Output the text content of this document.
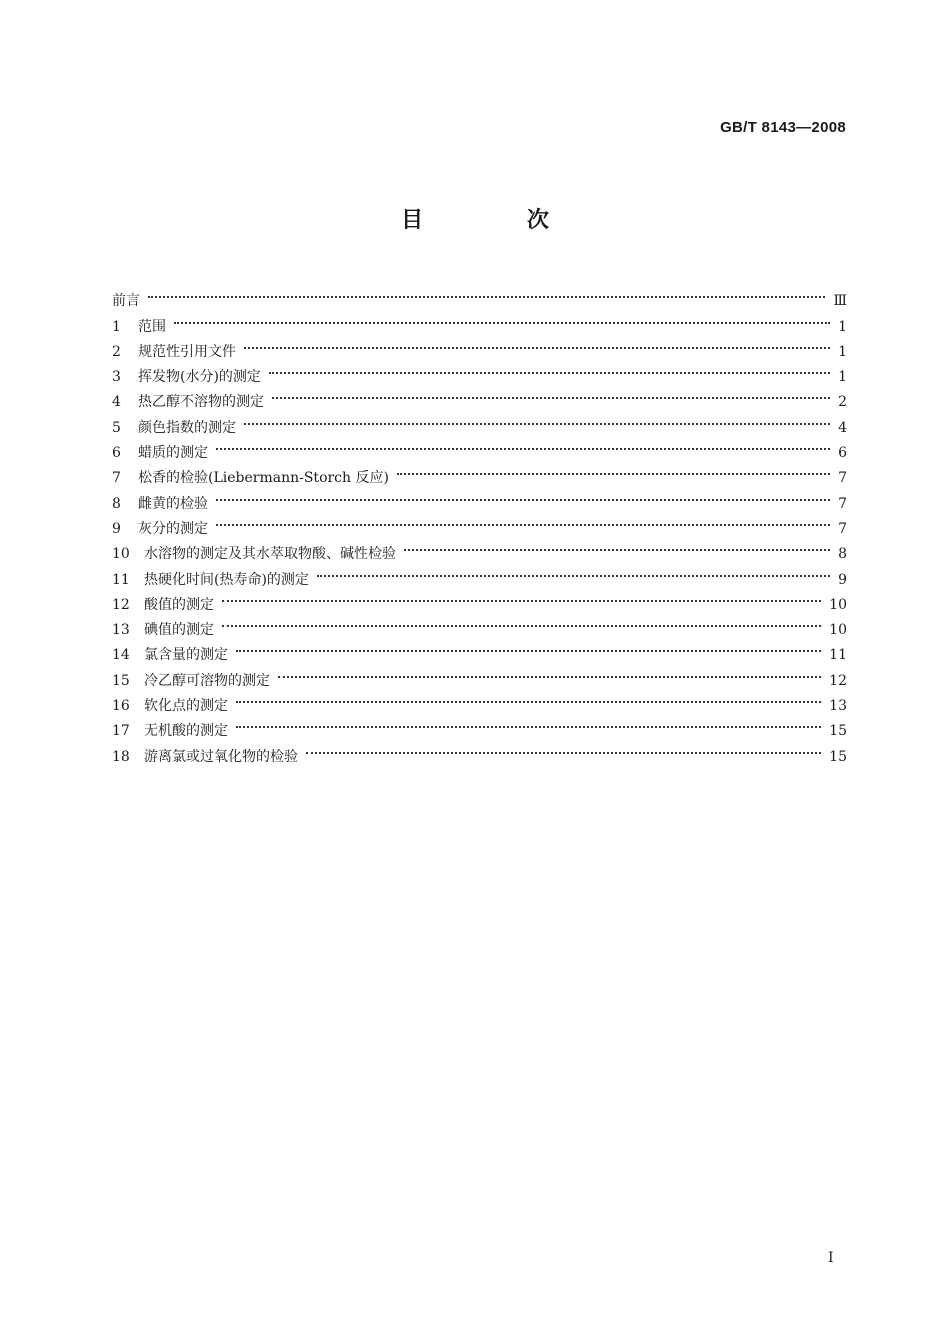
GB/T 8143—2008
目 次
前言	Ⅲ
1	范围	1
2	规范性引用文件	1
3	挥发物(水分)的测定	1
4	热乙醇不溶物的测定	2
5	颜色指数的测定	4
6	蜡质的测定	6
7	松香的检验(Liebermann-Storch 反应)	7
8	雌黄的检验	7
9	灰分的测定	7
10	水溶物的测定及其水萃取物酸、碱性检验	8
11	热硬化时间(热寿命)的测定	9
12	酸值的测定	10
13	碘值的测定	10
14	氯含量的测定	11
15	冷乙醇可溶物的测定	12
16	软化点的测定	13
17	无机酸的测定	15
18	游离氯或过氧化物的检验	15
I
